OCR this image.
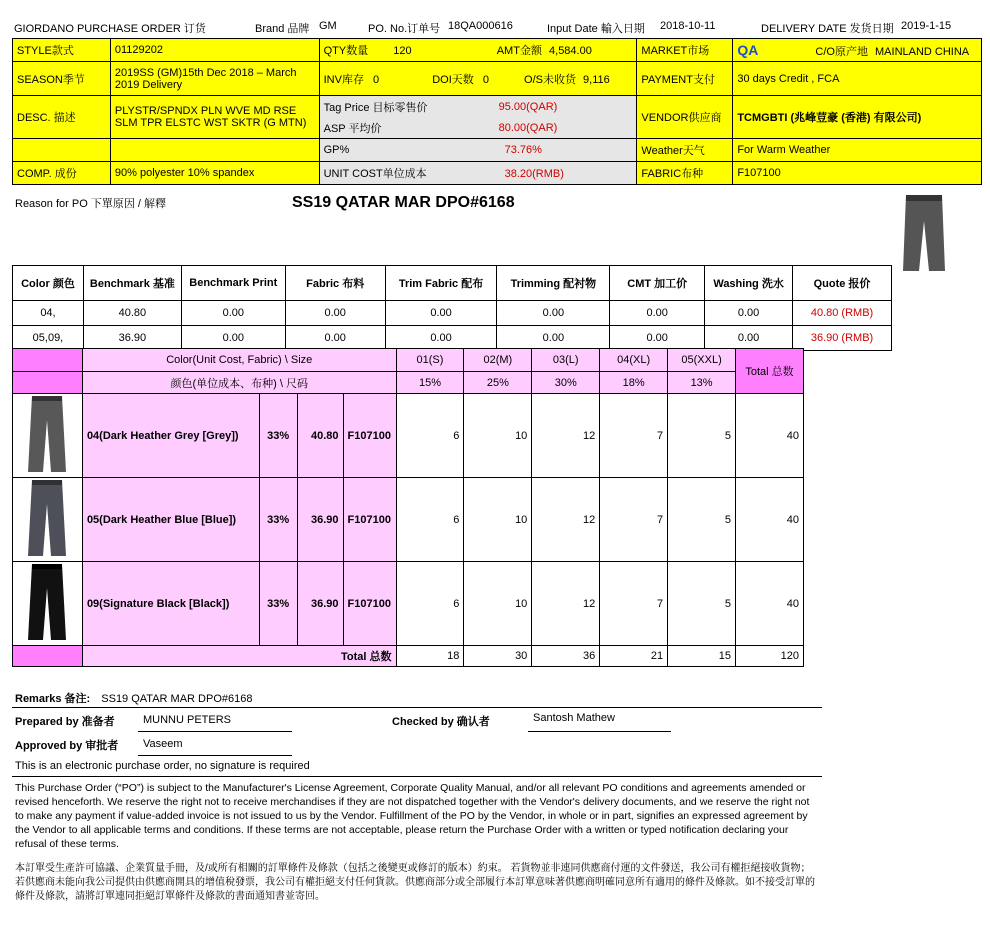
GIORDANO PURCHASE ORDER 订货	Brand 品牌 GM	PO. No.订单号 18QA000616	Input Date 輸入日期 2018-10-11	DELIVERY DATE 发货日期 2019-1-15
STYLE款式	01129202	QTY数量 120 AMT金额 4,584.00	MARKET市场	QA C/O原产地 MAINLAND CHINA
SEASON季节	2019SS (GM)15th Dec 2018 – March 2019 Delivery	INV库存 0 DOI天数 0 O/S未收货 9,116	PAYMENT支付	30 days Credit , FCA
DESC. 描述	PLYSTR/SPNDX PLN WVE MD RSE SLM TPR ELSTC WST SKTR (G MTN)	Tag Price 目标零售价 95.00(QAR)
ASP 平均价 80.00(QAR)	VENDOR供应商	TCMGBTI (兆峰荳豪 (香港) 有限公司)
		GP% 73.76%	Weather天气	For Warm Weather
COMP. 成份	90% polyester 10% spandex	UNIT COST单位成本 38.20(RMB)	FABRIC布种	F107100
Reason for PO 下單原因 / 解釋	SS19 QATAR MAR DPO#6168
Color 颜色	Benchmark 基准	Benchmark Print	Fabric 布料	Trim Fabric 配布	Trimming 配衬物	CMT 加工价	Washing 洗水	Quote 报价
04,	40.80	0.00	0.00	0.00	0.00	0.00	0.00	40.80 (RMB)
05,09,	36.90	0.00	0.00	0.00	0.00	0.00	0.00	36.90 (RMB)
	Color(Unit Cost, Fabric) \ Size				01(S)	02(M)	03(L)	04(XL)	05(XXL)	Total 总数
	颜色(单位成本、布种) \ 尺码				15%	25%	30%	18%	13%	
	04(Dark Heather Grey [Grey])	33%	40.80	F107100	6	10	12	7	5	40
	05(Dark Heather Blue [Blue])	33%	36.90	F107100	6	10	12	7	5	40
	09(Signature Black [Black])	33%	36.90	F107100	6	10	12	7	5	40
	Total 总数				18	30	36	21	15	120
Remarks 备注: SS19 QATAR MAR DPO#6168
Prepared by 准备者	MUNNU PETERS	Checked by 确认者	Santosh Mathew
Approved by 审批者 Vaseem
This is an electronic purchase order, no signature is required
This Purchase Order (“PO”) is subject to the Manufacturer's License Agreement, Corporate Quality Manual, and/or all relevant PO conditions and agreements amended or revised henceforth. We reserve the right not to receive merchandises if they are not dispatched together with the Vendor's delivery documents, and we reserve the right not to make any payment if value-added invoice is not issued to us by the Vendor. Fulfillment of the PO by the Vendor, in whole or in part, signifies an expressed agreement by the Vendor to all applicable terms and conditions. If these terms are not acceptable, please return the Purchase Order with a written or typed notification declaring your refusal of these terms.
本訂單受生產許可協議、企業質量手冊，及/或所有相關的訂單條件及條款（包括之後變更或修訂的版本）約束。 若貨物並非連同供應商付運的文件發送，我公司有權拒絕接收貨物；若供應商未能向我公司提供由供應商開具的增值稅發票，我公司有權拒絕支付任何貨款。供應商部分或全部履行本訂單意味著供應商明確同意所有適用的條件及條款。如不接受訂單的條件及條款，請將訂單連同拒絕訂單條件及條款的書面通知書並寄回。
